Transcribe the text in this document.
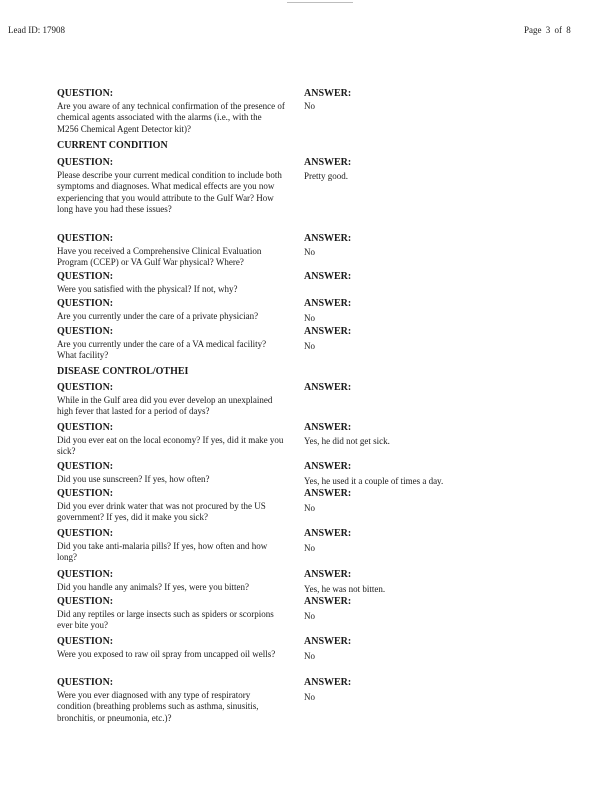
Lead ID: 17908	Page 3 of 8
QUESTION:
Are you aware of any technical confirmation of the presence of chemical agents associated with the alarms (i.e., with the M256 Chemical Agent Detector kit)?
ANSWER:
No
CURRENT CONDITION
QUESTION:
Please describe your current medical condition to include both symptoms and diagnoses. What medical effects are you now experiencing that you would attribute to the Gulf War? How long have you had these issues?
ANSWER:
Pretty good.
QUESTION:
Have you received a Comprehensive Clinical Evaluation Program (CCEP) or VA Gulf War physical? Where?
ANSWER:
No
QUESTION:
Were you satisfied with the physical? If not, why?
ANSWER:
QUESTION:
Are you currently under the care of a private physician?
ANSWER:
No
QUESTION:
Are you currently under the care of a VA medical facility? What facility?
ANSWER:
No
DISEASE CONTROL/OTHEI
QUESTION:
While in the Gulf area did you ever develop an unexplained high fever that lasted for a period of days?
ANSWER:
QUESTION:
Did you ever eat on the local economy? If yes, did it make you sick?
ANSWER:
Yes, he did not get sick.
QUESTION:
Did you use sunscreen? If yes, how often?
ANSWER:
Yes, he used it a couple of times a day.
QUESTION:
Did you ever drink water that was not procured by the US government? If yes, did it make you sick?
ANSWER:
No
QUESTION:
Did you take anti-malaria pills? If yes, how often and how long?
ANSWER:
No
QUESTION:
Did you handle any animals? If yes, were you bitten?
ANSWER:
Yes, he was not bitten.
QUESTION:
Did any reptiles or large insects such as spiders or scorpions ever bite you?
ANSWER:
No
QUESTION:
Were you exposed to raw oil spray from uncapped oil wells?
ANSWER:
No
QUESTION:
Were you ever diagnosed with any type of respiratory condition (breathing problems such as asthma, sinusitis, bronchitis, or pneumonia, etc.)?
ANSWER:
No
